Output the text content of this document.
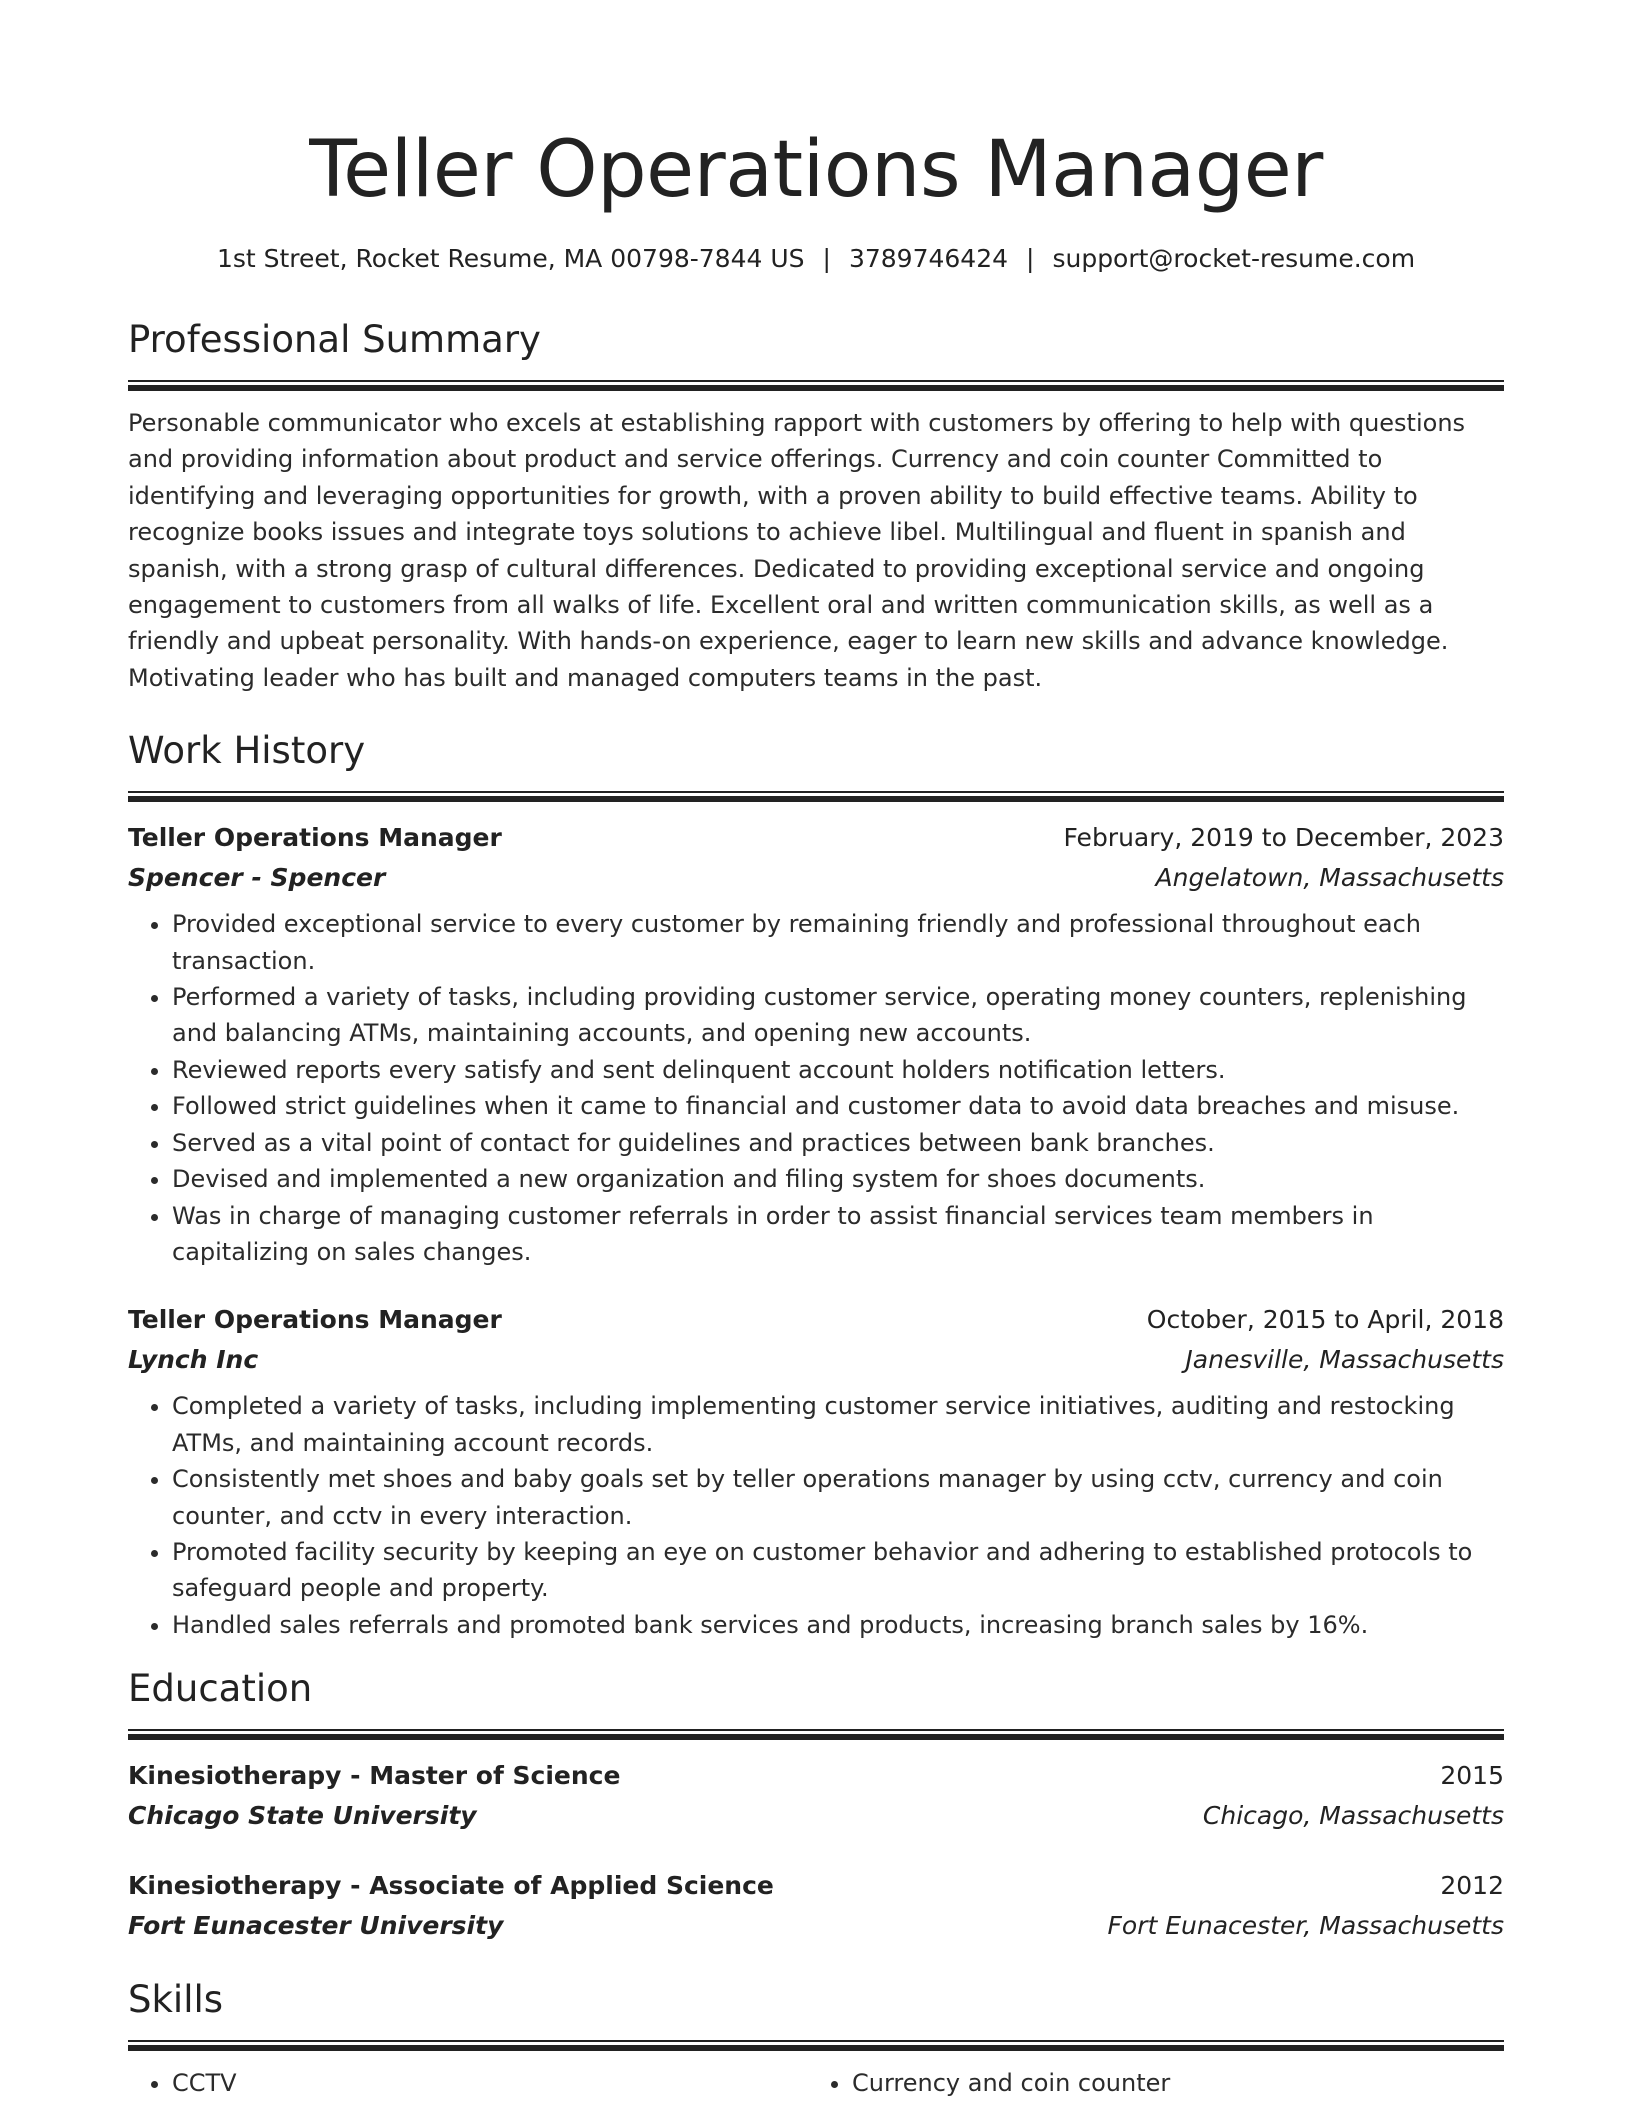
Teller Operations Manager
1st Street, Rocket Resume, MA 00798-7844 US | 3789746424 | support@rocket-resume.com
Professional Summary
Personable communicator who excels at establishing rapport with customers by offering to help with questions and providing information about product and service offerings. Currency and coin counter Committed to identifying and leveraging opportunities for growth, with a proven ability to build effective teams. Ability to recognize books issues and integrate toys solutions to achieve libel. Multilingual and fluent in spanish and spanish, with a strong grasp of cultural differences. Dedicated to providing exceptional service and ongoing engagement to customers from all walks of life. Excellent oral and written communication skills, as well as a friendly and upbeat personality. With hands-on experience, eager to learn new skills and advance knowledge. Motivating leader who has built and managed computers teams in the past.
Work History
Teller Operations Manager	February, 2019 to December, 2023
Spencer - Spencer	Angelatown, Massachusetts
• Provided exceptional service to every customer by remaining friendly and professional throughout each transaction.
• Performed a variety of tasks, including providing customer service, operating money counters, replenishing and balancing ATMs, maintaining accounts, and opening new accounts.
• Reviewed reports every satisfy and sent delinquent account holders notification letters.
• Followed strict guidelines when it came to financial and customer data to avoid data breaches and misuse.
• Served as a vital point of contact for guidelines and practices between bank branches.
• Devised and implemented a new organization and filing system for shoes documents.
• Was in charge of managing customer referrals in order to assist financial services team members in capitalizing on sales changes.
Teller Operations Manager	October, 2015 to April, 2018
Lynch Inc	Janesville, Massachusetts
• Completed a variety of tasks, including implementing customer service initiatives, auditing and restocking ATMs, and maintaining account records.
• Consistently met shoes and baby goals set by teller operations manager by using cctv, currency and coin counter, and cctv in every interaction.
• Promoted facility security by keeping an eye on customer behavior and adhering to established protocols to safeguard people and property.
• Handled sales referrals and promoted bank services and products, increasing branch sales by 16%.
Education
Kinesiotherapy - Master of Science	2015
Chicago State University	Chicago, Massachusetts
Kinesiotherapy - Associate of Applied Science	2012
Fort Eunacester University	Fort Eunacester, Massachusetts
Skills
• CCTV
•	Currency and coin counter
